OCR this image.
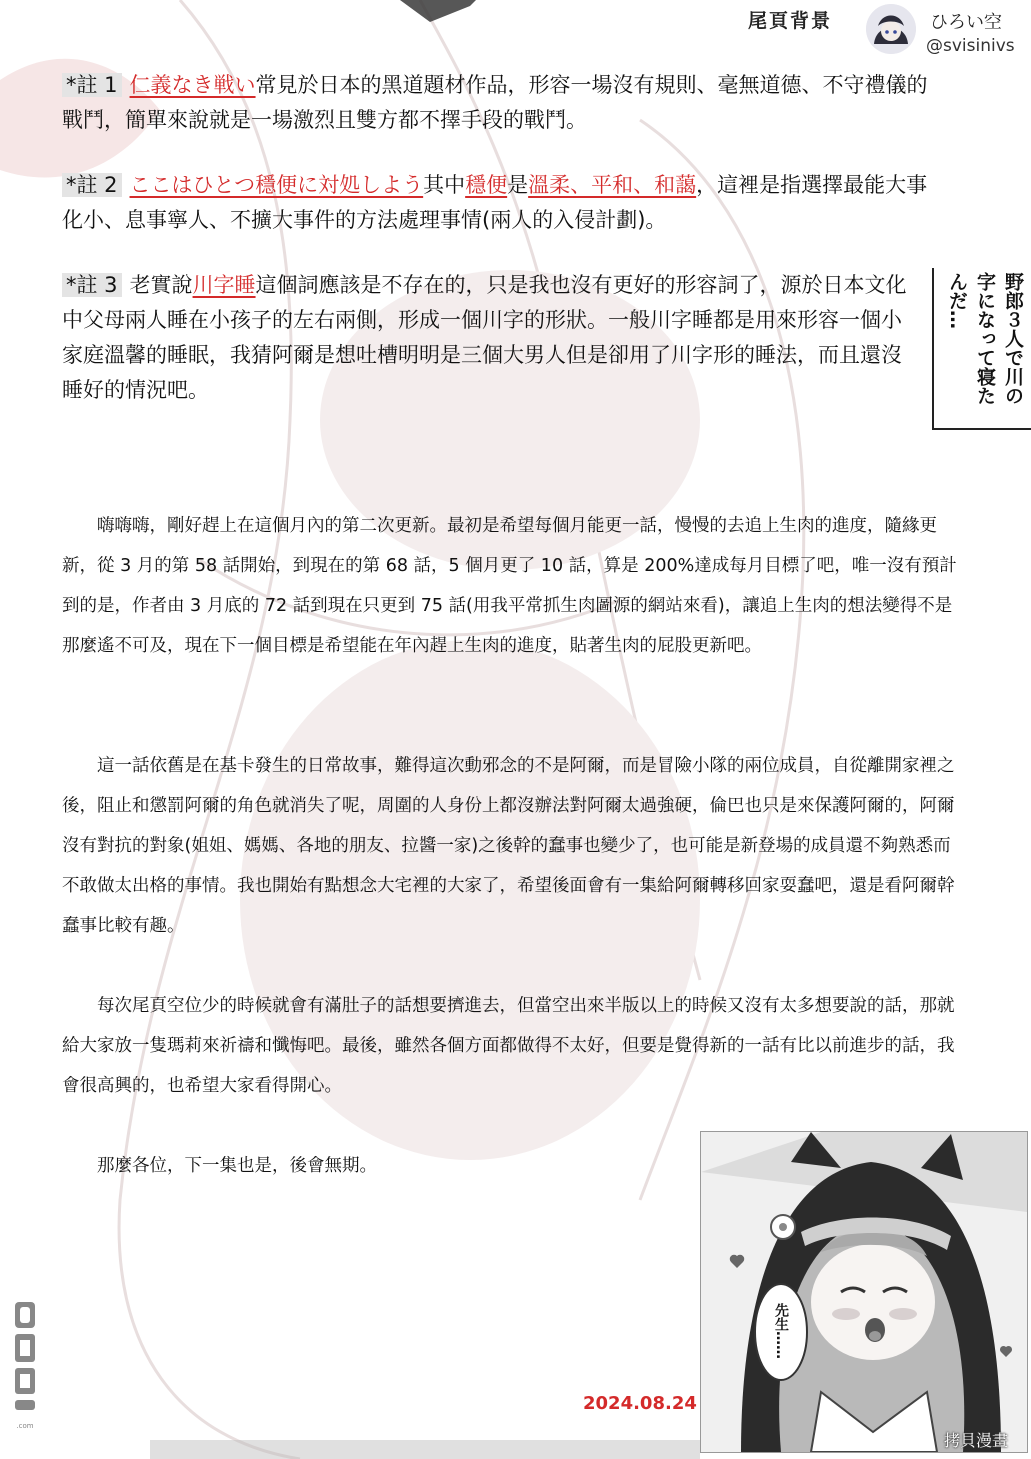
尾頁背景	ひろい空
@svisinivs
*註 1 仁義なき戦い常見於日本的黑道題材作品，形容一場沒有規則、毫無道德、不守禮儀的戰鬥，簡單來說就是一場激烈且雙方都不擇手段的戰鬥。
*註 2 ここはひとつ穩便に対処しよう其中穩便是溫柔、平和、和藹，這裡是指選擇最能大事化小、息事寧人、不擴大事件的方法處理事情(兩人的入侵計劃)。
*註 3 老實說川字睡這個詞應該是不存在的，只是我也沒有更好的形容詞了，源於日本文化中父母兩人睡在小孩子的左右兩側，形成一個川字的形狀。一般川字睡都是用來形容一個小家庭溫馨的睡眠，我猜阿爾是想吐槽明明是三個大男人但是卻用了川字形的睡法，而且還沒睡好的情況吧。	野郎３人で川の字になって寝たんだ…
嗨嗨嗨，剛好趕上在這個月內的第二次更新。最初是希望每個月能更一話，慢慢的去追上生肉的進度，隨緣更新，從 3 月的第 58 話開始，到現在的第 68 話，5 個月更了 10 話，算是 200%達成每月目標了吧，唯一沒有預計到的是，作者由 3 月底的 72 話到現在只更到 75 話(用我平常抓生肉圖源的網站來看)，讓追上生肉的想法變得不是那麼遙不可及，現在下一個目標是希望能在年內趕上生肉的進度，貼著生肉的屁股更新吧。
這一話依舊是在基卡發生的日常故事，難得這次動邪念的不是阿爾，而是冒險小隊的兩位成員，自從離開家裡之後，阻止和懲罰阿爾的角色就消失了呢，周圍的人身份上都沒辦法對阿爾太過強硬，倫巴也只是來保護阿爾的，阿爾沒有對抗的對象(姐姐、媽媽、各地的朋友、拉醬一家)之後幹的蠢事也變少了，也可能是新登場的成員還不夠熟悉而不敢做太出格的事情。我也開始有點想念大宅裡的大家了，希望後面會有一集給阿爾轉移回家耍蠢吧，還是看阿爾幹蠢事比較有趣。
每次尾頁空位少的時候就會有滿肚子的話想要擠進去，但當空出來半版以上的時候又沒有太多想要說的話，那就給大家放一隻瑪莉來祈禱和懺悔吧。最後，雖然各個方面都做得不太好，但要是覺得新的一話有比以前進步的話，我會很高興的，也希望大家看得開心。
那麼各位，下一集也是，後會無期。
2024.08.24
先生……
拷貝漫畫
.com
